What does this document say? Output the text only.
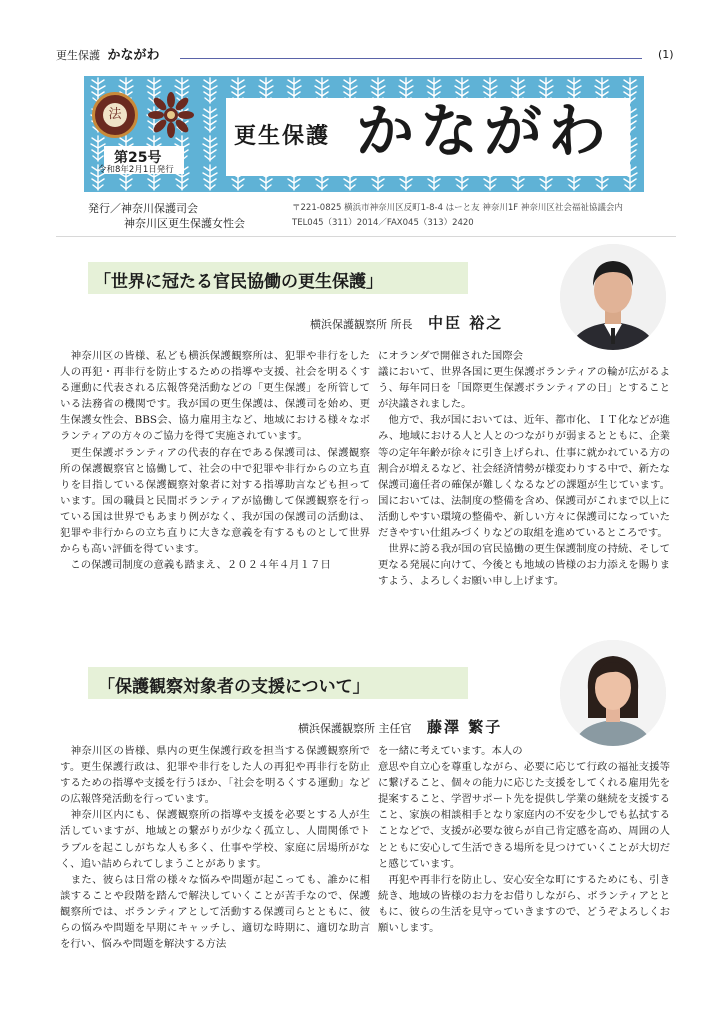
更生保護 かながわ	(1)
法
第25号
令和8年2月1日発行
更生保護 かながわ
発行／神奈川保護司会
神奈川区更生保護女性会
〒221-0825 横浜市神奈川区反町1-8-4 はーと友 神奈川1F 神奈川区社会福祉協議会内
TEL045（311）2014／FAX045（313）2420
「世界に冠たる官民協働の更生保護」
横浜保護観察所 所長 中臣 裕之
　神奈川区の皆様、私ども横浜保護観察所は、犯罪や非行をした人の再犯・再非行を防止するための指導や支援、社会を明るくする運動に代表される広報啓発活動などの「更生保護」を所管している法務省の機関です。我が国の更生保護は、保護司を始め、更生保護女性会、BBS会、協力雇用主など、地域における様々なボランティアの方々のご協力を得て実施されています。
　更生保護ボランティアの代表的存在である保護司は、保護観察所の保護観察官と協働して、社会の中で犯罪や非行からの立ち直りを目指している保護観察対象者に対する指導助言なども担っています。国の職員と民間ボランティアが協働して保護観察を行っている国は世界でもあまり例がなく、我が国の保護司の活動は、犯罪や非行からの立ち直りに大きな意義を有するものとして世界からも高い評価を得ています。
　この保護司制度の意義も踏まえ、２０２４年４月１７日
にオランダで開催された国際会
議において、世界各国に更生保護ボランティアの輪が広がるよう、毎年同日を「国際更生保護ボランティアの日」とすることが決議されました。
　他方で、我が国においては、近年、都市化、ＩＴ化などが進み、地域における人と人とのつながりが弱まるとともに、企業等の定年年齢が徐々に引き上げられ、仕事に就かれている方の割合が増えるなど、社会経済情勢が様変わりする中で、新たな保護司適任者の確保が難しくなるなどの課題が生じています。国においては、法制度の整備を含め、保護司がこれまで以上に活動しやすい環境の整備や、新しい方々に保護司になっていただきやすい仕組みづくりなどの取組を進めているところです。
　世界に誇る我が国の官民協働の更生保護制度の持続、そして更なる発展に向けて、今後とも地域の皆様のお力添えを賜りますよう、よろしくお願い申し上げます。
「保護観察対象者の支援について」
横浜保護観察所 主任官 藤澤 繁子
　神奈川区の皆様、県内の更生保護行政を担当する保護観察所です。更生保護行政は、犯罪や非行をした人の再犯や再非行を防止するための指導や支援を行うほか、「社会を明るくする運動」などの広報啓発活動を行っています。
　神奈川区内にも、保護観察所の指導や支援を必要とする人が生活していますが、地域との繋がりが少なく孤立し、人間関係でトラブルを起こしがちな人も多く、仕事や学校、家庭に居場所がなく、追い詰められてしまうことがあります。
　また、彼らは日常の様々な悩みや問題が起こっても、誰かに相談することや段階を踏んで解決していくことが苦手なので、保護観察所では、ボランティアとして活動する保護司らとともに、彼らの悩みや問題を早期にキャッチし、適切な時期に、適切な助言を行い、悩みや問題を解決する方法
を一緒に考えています。本人の
意思や自立心を尊重しながら、必要に応じて行政の福祉支援等に繋げること、個々の能力に応じた支援をしてくれる雇用先を提案すること、学習サポート先を提供し学業の継続を支援すること、家族の相談相手となり家庭内の不安を少しでも払拭することなどで、支援が必要な彼らが自己肯定感を高め、周囲の人とともに安心して生活できる場所を見つけていくことが大切だと感じています。
　再犯や再非行を防止し、安心安全な町にするためにも、引き続き、地域の皆様のお力をお借りしながら、ボランティアとともに、彼らの生活を見守っていきますので、どうぞよろしくお願いします。
